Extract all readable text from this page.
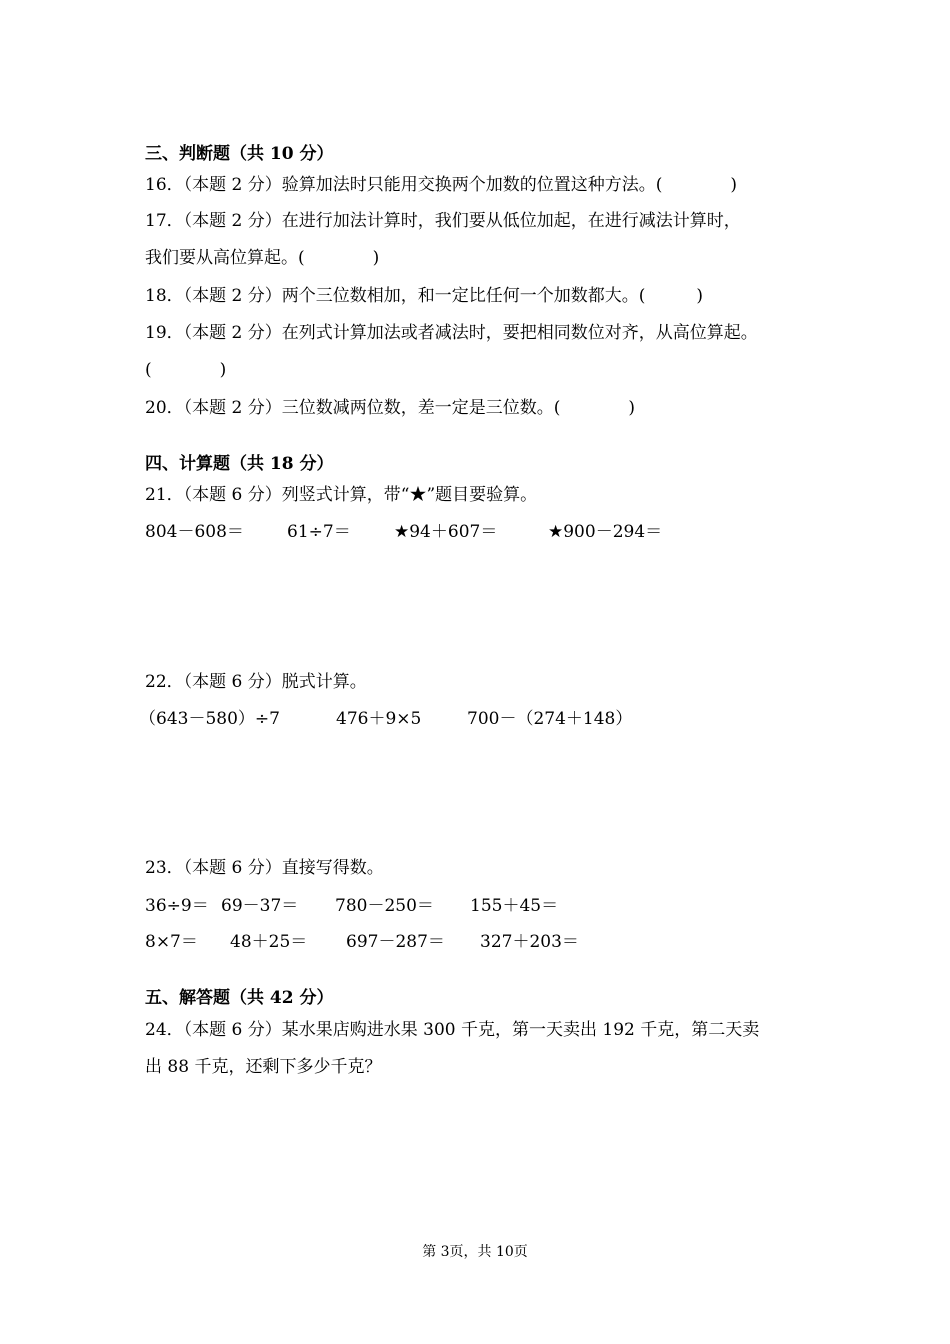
三、判断题（共 10 分）
16．（本题 2 分）验算加法时只能用交换两个加数的位置这种方法。(　　　　)
17．（本题 2 分）在进行加法计算时，我们要从低位加起，在进行减法计算时，
我们要从高位算起。(　　　　)
18．（本题 2 分）两个三位数相加，和一定比任何一个加数都大。(　　　)
19．（本题 2 分）在列式计算加法或者减法时，要把相同数位对齐，从高位算起。
(　　　　)
20．（本题 2 分）三位数减两位数，差一定是三位数。(　　　　)
四、计算题（共 18 分）
21．（本题 6 分）列竖式计算，带“★”题目要验算。
804－608＝	61÷7＝	★94＋607＝	★900－294＝
22．（本题 6 分）脱式计算。
（643－580）÷7	476＋9×5	700－（274＋148）
23．（本题 6 分）直接写得数。
36÷9＝ 69－37＝ 780－250＝ 155＋45＝
8×7＝ 48＋25＝ 697－287＝ 327＋203＝
五、解答题（共 42 分）
24．（本题 6 分）某水果店购进水果 300 千克，第一天卖出 192 千克，第二天卖
出 88 千克，还剩下多少千克？
第 3页，共 10页
